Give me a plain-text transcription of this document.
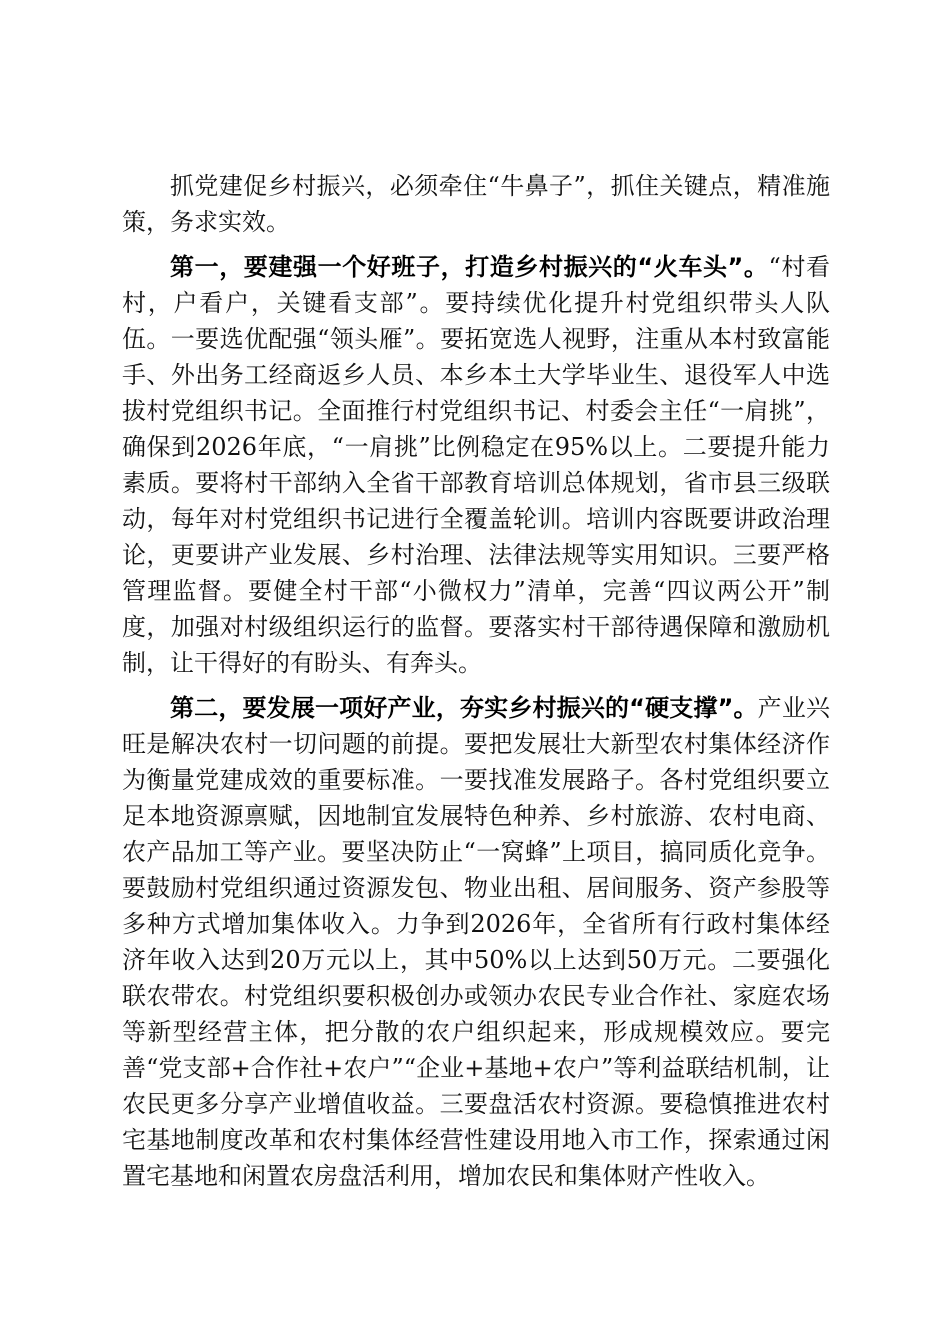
抓党建促乡村振兴，必须牵住“牛鼻子”，抓住关键点，精准施策，务求实效。

第一，要建强一个好班子，打造乡村振兴的“火车头”。“村看村，户看户，关键看支部”。要持续优化提升村党组织带头人队伍。一要选优配强“领头雁”。要拓宽选人视野，注重从本村致富能手、外出务工经商返乡人员、本乡本土大学毕业生、退役军人中选拔村党组织书记。全面推行村党组织书记、村委会主任“一肩挑”，确保到2026年底，“一肩挑”比例稳定在95%以上。二要提升能力素质。要将村干部纳入全省干部教育培训总体规划，省市县三级联动，每年对村党组织书记进行全覆盖轮训。培训内容既要讲政治理论，更要讲产业发展、乡村治理、法律法规等实用知识。三要严格管理监督。要健全村干部“小微权力”清单，完善“四议两公开”制度，加强对村级组织运行的监督。要落实村干部待遇保障和激励机制，让干得好的有盼头、有奔头。

第二，要发展一项好产业，夯实乡村振兴的“硬支撑”。产业兴旺是解决农村一切问题的前提。要把发展壮大新型农村集体经济作为衡量党建成效的重要标准。一要找准发展路子。各村党组织要立足本地资源禀赋，因地制宜发展特色种养、乡村旅游、农村电商、农产品加工等产业。要坚决防止“一窝蜂”上项目，搞同质化竞争。要鼓励村党组织通过资源发包、物业出租、居间服务、资产参股等多种方式增加集体收入。力争到2026年，全省所有行政村集体经济年收入达到20万元以上，其中50%以上达到50万元。二要强化联农带农。村党组织要积极创办或领办农民专业合作社、家庭农场等新型经营主体，把分散的农户组织起来，形成规模效应。要完善“党支部+合作社+农户”“企业+基地+农户”等利益联结机制，让农民更多分享产业增值收益。三要盘活农村资源。要稳慎推进农村宅基地制度改革和农村集体经营性建设用地入市工作，探索通过闲置宅基地和闲置农房盘活利用，增加农民和集体财产性收入。
